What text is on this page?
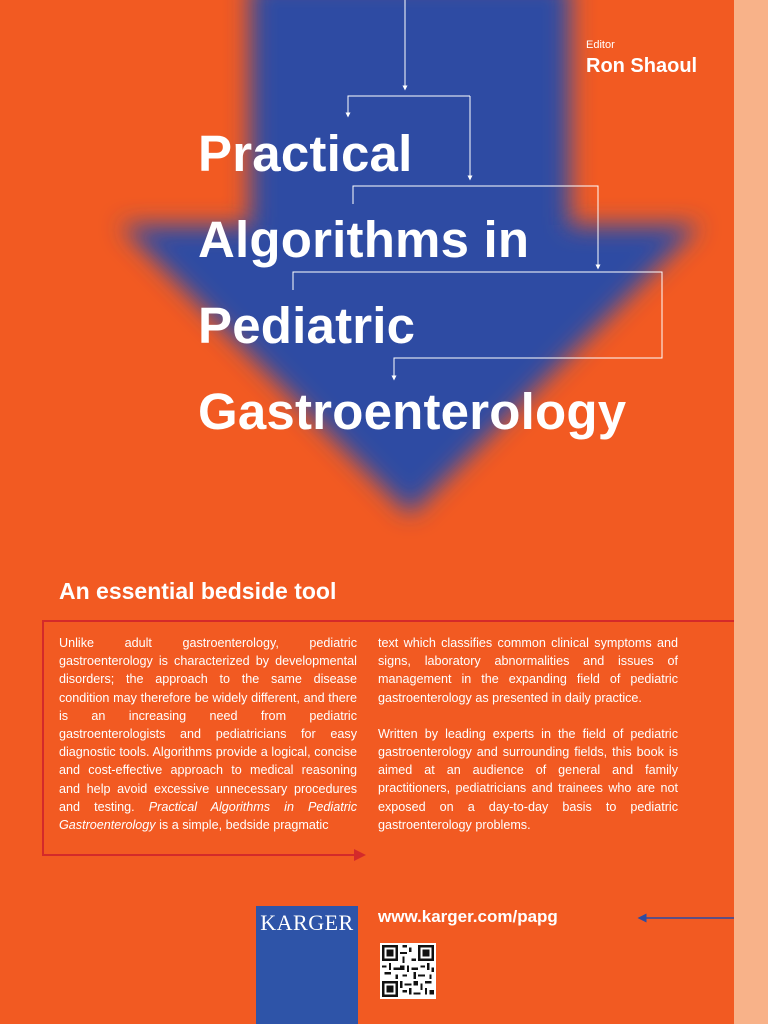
Editor
Ron Shaoul
Practical
Algorithms in
Pediatric
Gastroenterology
An essential bedside tool

Unlike adult gastroenterology, pediatric gastroenterology is characterized by developmental disorders; the approach to the same disease condition may therefore be widely different, and there is an increasing need from pediatric gastroenterologists and pediatricians for easy diagnostic tools. Algorithms provide a logical, concise and cost-effective approach to medical reasoning and help avoid excessive unnecessary procedures and testing. Practical Algorithms in Pediatric Gastroenterology is a simple, bedside pragmatic

text which classifies common clinical symptoms and signs, laboratory abnormalities and issues of management in the expanding field of pediatric gastroenterology as presented in daily practice.

Written by leading experts in the field of pediatric gastroenterology and surrounding fields, this book is aimed at an audience of general and family practitioners, pediatricians and trainees who are not exposed on a day-to-day basis to pediatric gastroenterology problems.

KARGER www.karger.com/papg
